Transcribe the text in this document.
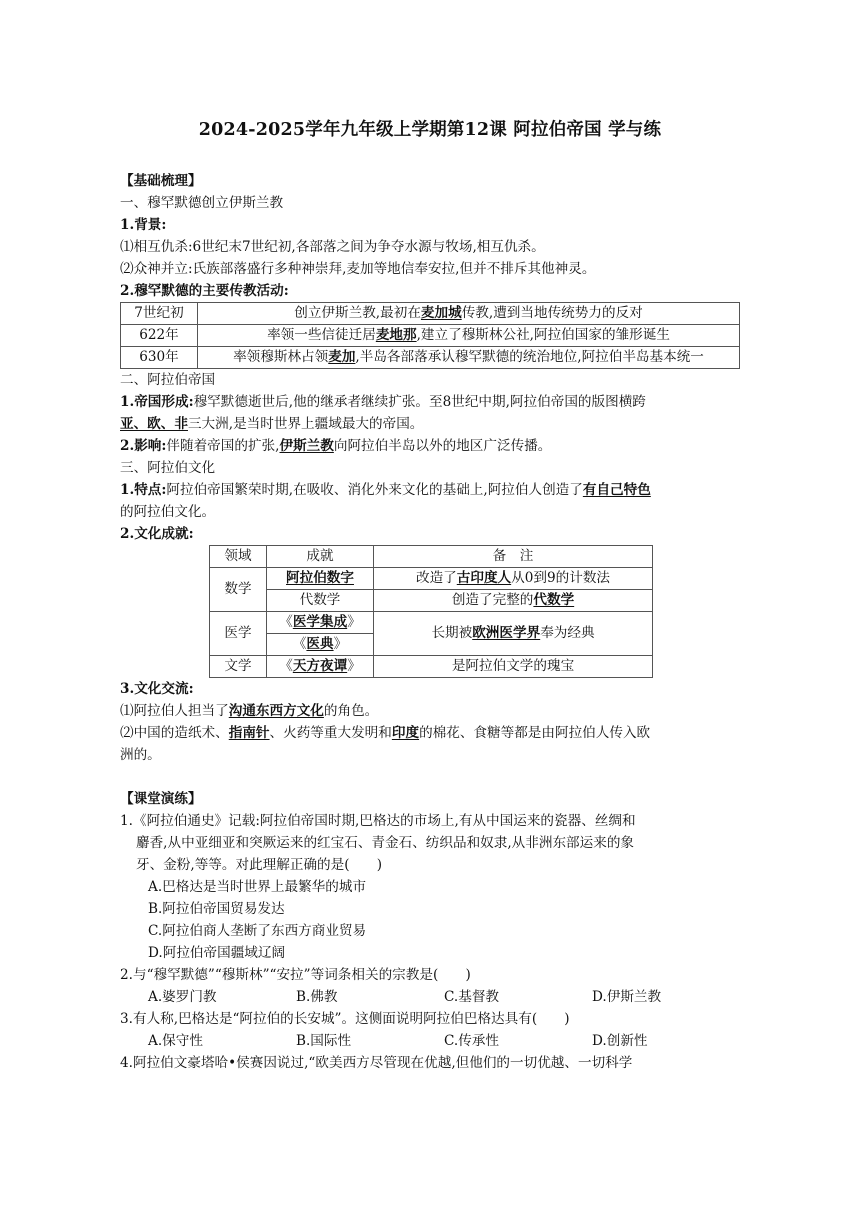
2024-2025学年九年级上学期第12课 阿拉伯帝国 学与练
【基础梳理】
一、穆罕默德创立伊斯兰教
1.背景:
⑴相互仇杀:6世纪末7世纪初,各部落之间为争夺水源与牧场,相互仇杀。
⑵众神并立:氏族部落盛行多种神崇拜,麦加等地信奉安拉,但并不排斥其他神灵。
2.穆罕默德的主要传教活动:
7世纪初	创立伊斯兰教,最初在麦加城传教,遭到当地传统势力的反对
622年	率领一些信徒迁居麦地那,建立了穆斯林公社,阿拉伯国家的雏形诞生
630年	率领穆斯林占领麦加,半岛各部落承认穆罕默德的统治地位,阿拉伯半岛基本统一
二、阿拉伯帝国
1.帝国形成:穆罕默德逝世后,他的继承者继续扩张。至8世纪中期,阿拉伯帝国的版图横跨
亚、欧、非三大洲,是当时世界上疆域最大的帝国。
2.影响:伴随着帝国的扩张,伊斯兰教向阿拉伯半岛以外的地区广泛传播。
三、阿拉伯文化
1.特点:阿拉伯帝国繁荣时期,在吸收、消化外来文化的基础上,阿拉伯人创造了有自己特色
的阿拉伯文化。
2.文化成就:
领域	成就	备　注
数学	阿拉伯数字	改造了古印度人从0到9的计数法
	代数学	创造了完整的代数学
医学	《医学集成》	长期被欧洲医学界奉为经典
	《医典》	
文学	《天方夜谭》	是阿拉伯文学的瑰宝
3.文化交流:
⑴阿拉伯人担当了沟通东西方文化的角色。
⑵中国的造纸术、指南针、火药等重大发明和印度的棉花、食糖等都是由阿拉伯人传入欧
洲的。
【课堂演练】
1.《阿拉伯通史》记载:阿拉伯帝国时期,巴格达的市场上,有从中国运来的瓷器、丝绸和
麝香,从中亚细亚和突厥运来的红宝石、青金石、纺织品和奴隶,从非洲东部运来的象
牙、金粉,等等。对此理解正确的是(　　)
A.巴格达是当时世界上最繁华的城市
B.阿拉伯帝国贸易发达
C.阿拉伯商人垄断了东西方商业贸易
D.阿拉伯帝国疆域辽阔
2.与“穆罕默德”“穆斯林”“安拉”等词条相关的宗教是(　　)
A.婆罗门教	B.佛教	C.基督教	D.伊斯兰教
3.有人称,巴格达是“阿拉伯的长安城”。这侧面说明阿拉伯巴格达具有(　　)
A.保守性	B.国际性	C.传承性	D.创新性
4.阿拉伯文豪塔哈•侯赛因说过,“欧美西方尽管现在优越,但他们的一切优越、一切科学
